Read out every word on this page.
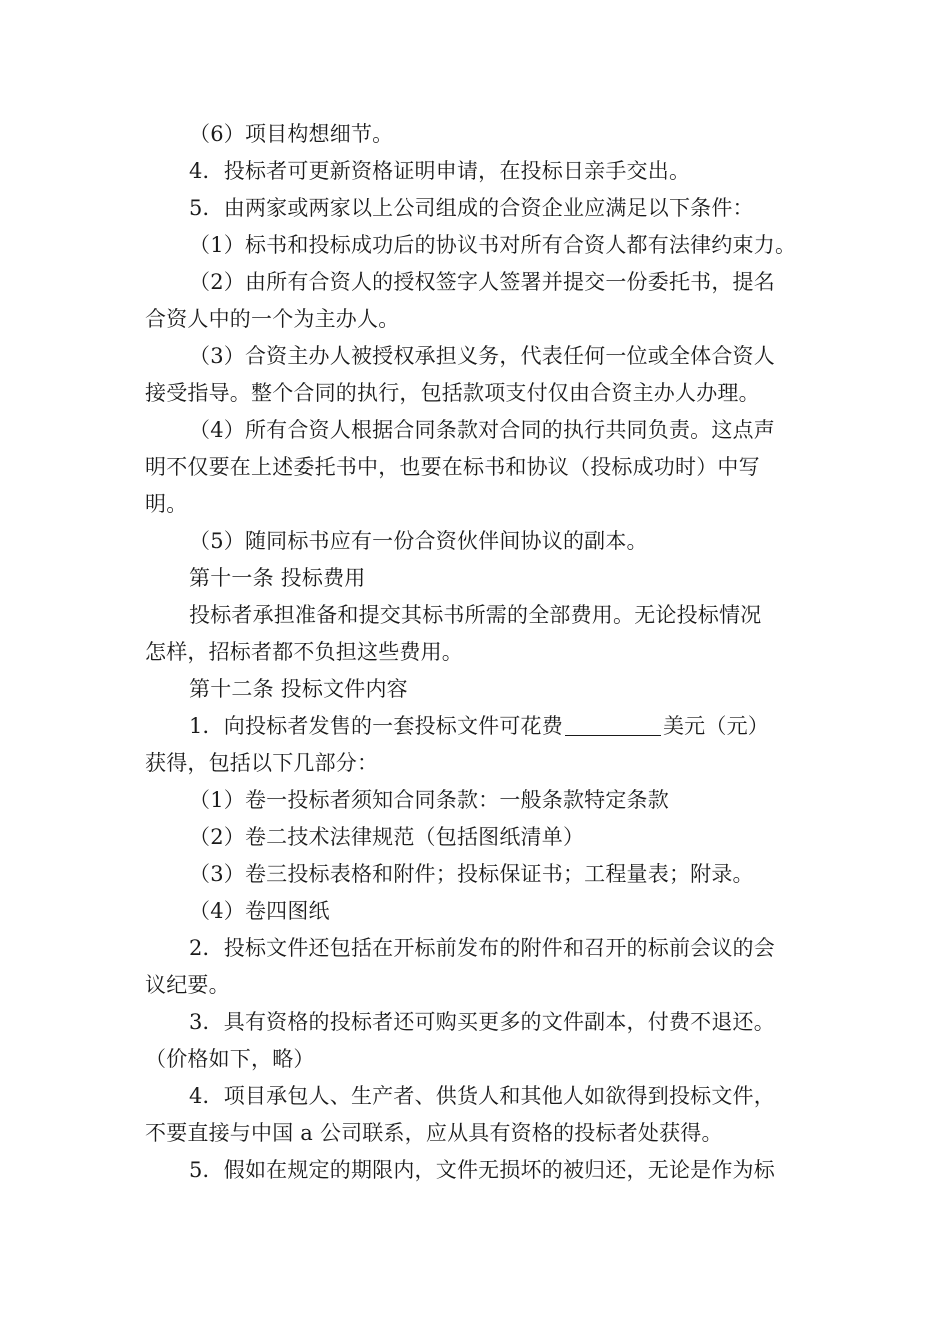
（6）项目构想细节。
4．投标者可更新资格证明申请，在投标日亲手交出。
5．由两家或两家以上公司组成的合资企业应满足以下条件：
（1）标书和投标成功后的协议书对所有合资人都有法律约束力。
（2）由所有合资人的授权签字人签署并提交一份委托书，提名
合资人中的一个为主办人。
（3）合资主办人被授权承担义务，代表任何一位或全体合资人
接受指导。整个合同的执行，包括款项支付仅由合资主办人办理。
（4）所有合资人根据合同条款对合同的执行共同负责。这点声
明不仅要在上述委托书中，也要在标书和协议（投标成功时）中写
明。
（5）随同标书应有一份合资伙伴间协议的副本。
第十一条 投标费用
投标者承担准备和提交其标书所需的全部费用。无论投标情况
怎样，招标者都不负担这些费用。
第十二条 投标文件内容
1．向投标者发售的一套投标文件可花费	美元（元）
获得，包括以下几部分：
（1）卷一投标者须知合同条款：一般条款特定条款
（2）卷二技术法律规范（包括图纸清单）
（3）卷三投标表格和附件；投标保证书；工程量表；附录。
（4）卷四图纸
2．投标文件还包括在开标前发布的附件和召开的标前会议的会
议纪要。
3．具有资格的投标者还可购买更多的文件副本，付费不退还。
（价格如下，略）
4．项目承包人、生产者、供货人和其他人如欲得到投标文件，
不要直接与中国 a 公司联系，应从具有资格的投标者处获得。
5．假如在规定的期限内，文件无损坏的被归还，无论是作为标
